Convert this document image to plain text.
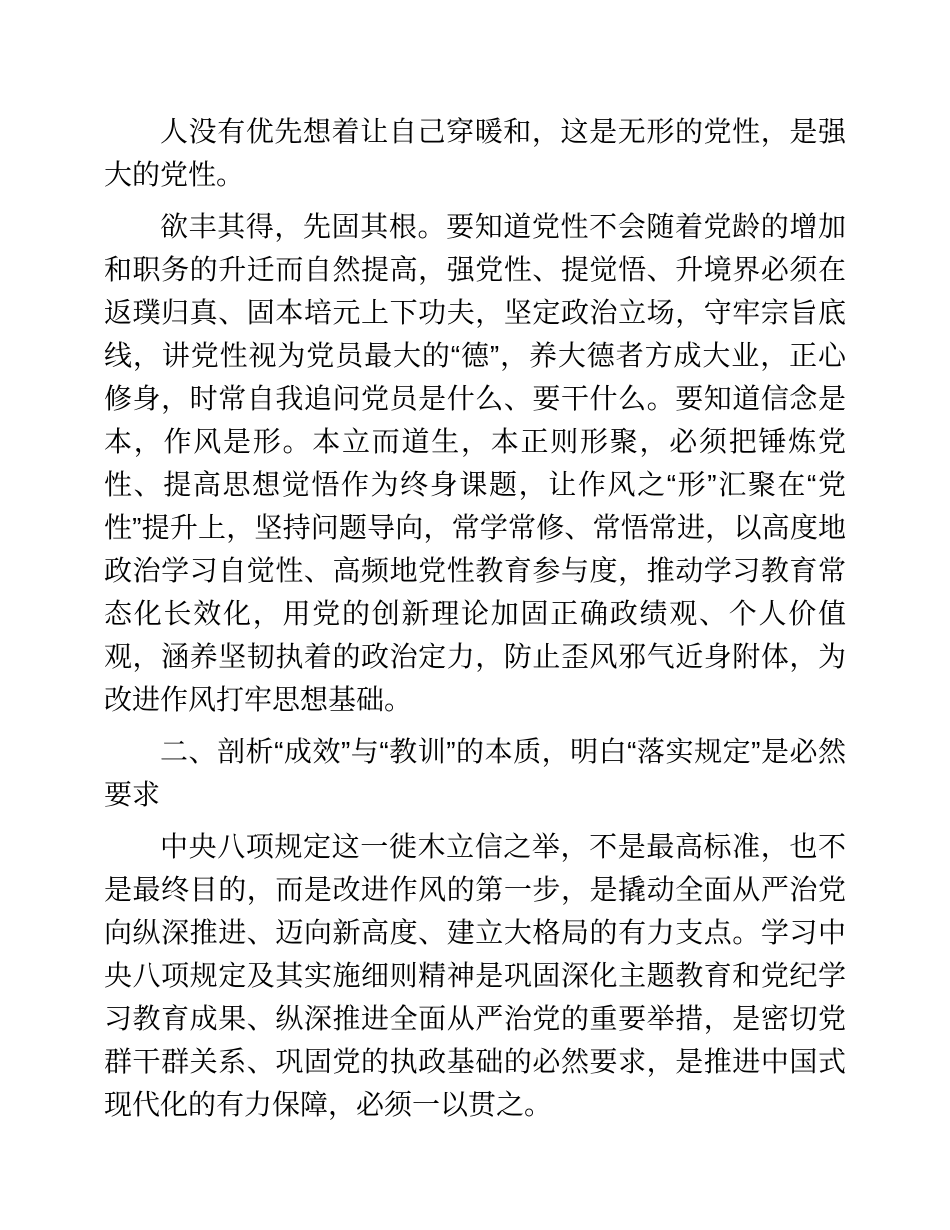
人没有优先想着让自己穿暖和，这是无形的党性，是强大的党性。

欲丰其得，先固其根。要知道党性不会随着党龄的增加和职务的升迁而自然提高，强党性、提觉悟、升境界必须在返璞归真、固本培元上下功夫，坚定政治立场，守牢宗旨底线，讲党性视为党员最大的“德”，养大德者方成大业，正心修身，时常自我追问党员是什么、要干什么。要知道信念是本，作风是形。本立而道生，本正则形聚，必须把锤炼党性、提高思想觉悟作为终身课题，让作风之“形”汇聚在“党性”提升上，坚持问题导向，常学常修、常悟常进，以高度地政治学习自觉性、高频地党性教育参与度，推动学习教育常态化长效化，用党的创新理论加固正确政绩观、个人价值观，涵养坚韧执着的政治定力，防止歪风邪气近身附体，为改进作风打牢思想基础。

二、剖析“成效”与“教训”的本质，明白“落实规定”是必然要求

中央八项规定这一徙木立信之举，不是最高标准，也不是最终目的，而是改进作风的第一步，是撬动全面从严治党向纵深推进、迈向新高度、建立大格局的有力支点。学习中央八项规定及其实施细则精神是巩固深化主题教育和党纪学习教育成果、纵深推进全面从严治党的重要举措，是密切党群干群关系、巩固党的执政基础的必然要求，是推进中国式现代化的有力保障，必须一以贯之。
